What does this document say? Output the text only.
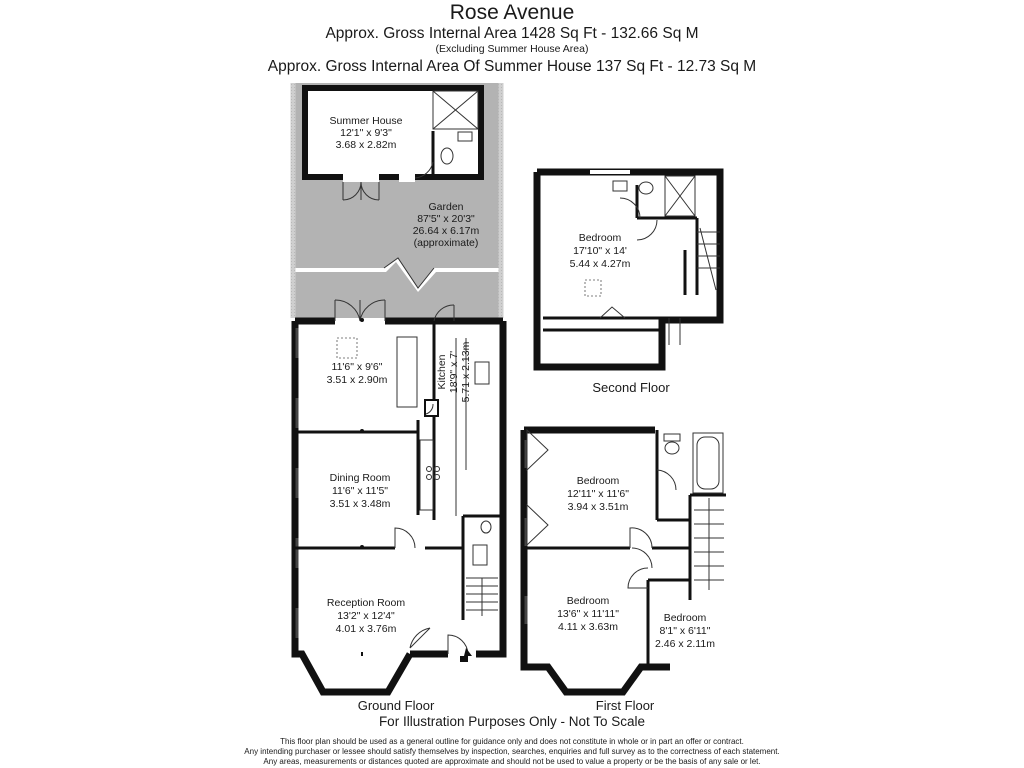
Rose Avenue
Approx. Gross Internal Area 1428 Sq Ft - 132.66 Sq M
(Excluding Summer House Area)
Approx. Gross Internal Area Of Summer House 137 Sq Ft - 12.73 Sq M
Summer House
12'1" x 9'3"
3.68 x 2.82m
Garden
87'5" x 20'3"
26.64 x 6.17m
(approximate)
11'6" x 9'6"
3.51 x 2.90m	Kitchen 18'9" x 7' 5.71 x 2.13m
Dining Room
11'6" x 11'5"
3.51 x 3.48m
Reception Room
13'2" x 12'4"
4.01 x 3.76m
Bedroom
17'10" x 14'
5.44 x 4.27m
Bedroom
12'11" x 11'6"
3.94 x 3.51m
Bedroom
13'6" x 11'11"
4.11 x 3.63m
Bedroom
8'1" x 6'11"
2.46 x 2.11m
Ground Floor	First Floor
Second Floor
For Illustration Purposes Only - Not To Scale
This floor plan should be used as a general outline for guidance only and does not constitute in whole or in part an offer or contract.
Any intending purchaser or lessee should satisfy themselves by inspection, searches, enquiries and full survey as to the correctness of each statement.
Any areas, measurements or distances quoted are approximate and should not be used to value a property or be the basis of any sale or let.
